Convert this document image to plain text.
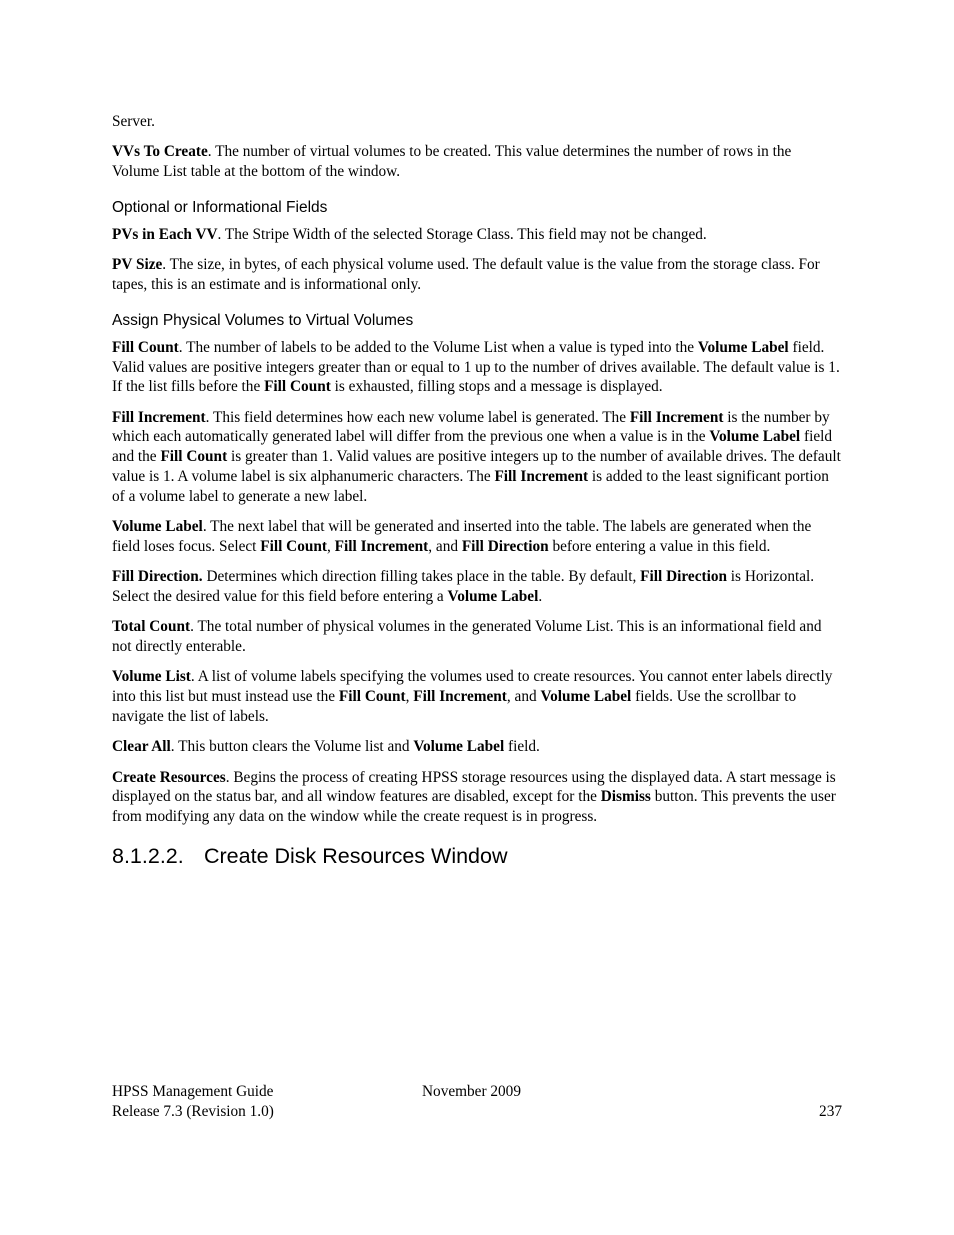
Server.

VVs To Create. The number of virtual volumes to be created. This value determines the number of rows in the Volume List table at the bottom of the window.

Optional or Informational Fields

PVs in Each VV. The Stripe Width of the selected Storage Class. This field may not be changed.

PV Size. The size, in bytes, of each physical volume used. The default value is the value from the storage class. For tapes, this is an estimate and is informational only.

Assign Physical Volumes to Virtual Volumes

Fill Count. The number of labels to be added to the Volume List when a value is typed into the Volume Label field. Valid values are positive integers greater than or equal to 1 up to the number of drives available. The default value is 1. If the list fills before the Fill Count is exhausted, filling stops and a message is displayed.

Fill Increment. This field determines how each new volume label is generated. The Fill Increment is the number by which each automatically generated label will differ from the previous one when a value is in the Volume Label field and the Fill Count is greater than 1. Valid values are positive integers up to the number of available drives. The default value is 1. A volume label is six alphanumeric characters. The Fill Increment is added to the least significant portion of a volume label to generate a new label.

Volume Label. The next label that will be generated and inserted into the table. The labels are generated when the field loses focus. Select Fill Count, Fill Increment, and Fill Direction before entering a value in this field.

Fill Direction. Determines which direction filling takes place in the table. By default, Fill Direction is Horizontal. Select the desired value for this field before entering a Volume Label.

Total Count. The total number of physical volumes in the generated Volume List. This is an informational field and not directly enterable.

Volume List. A list of volume labels specifying the volumes used to create resources. You cannot enter labels directly into this list but must instead use the Fill Count, Fill Increment, and Volume Label fields. Use the scrollbar to navigate the list of labels.

Clear All. This button clears the Volume list and Volume Label field.

Create Resources. Begins the process of creating HPSS storage resources using the displayed data. A start message is displayed on the status bar, and all window features are disabled, except for the Dismiss button. This prevents the user from modifying any data on the window while the create request is in progress.

8.1.2.2. Create Disk Resources Window
HPSS Management Guide	November 2009
Release 7.3 (Revision 1.0)	237
